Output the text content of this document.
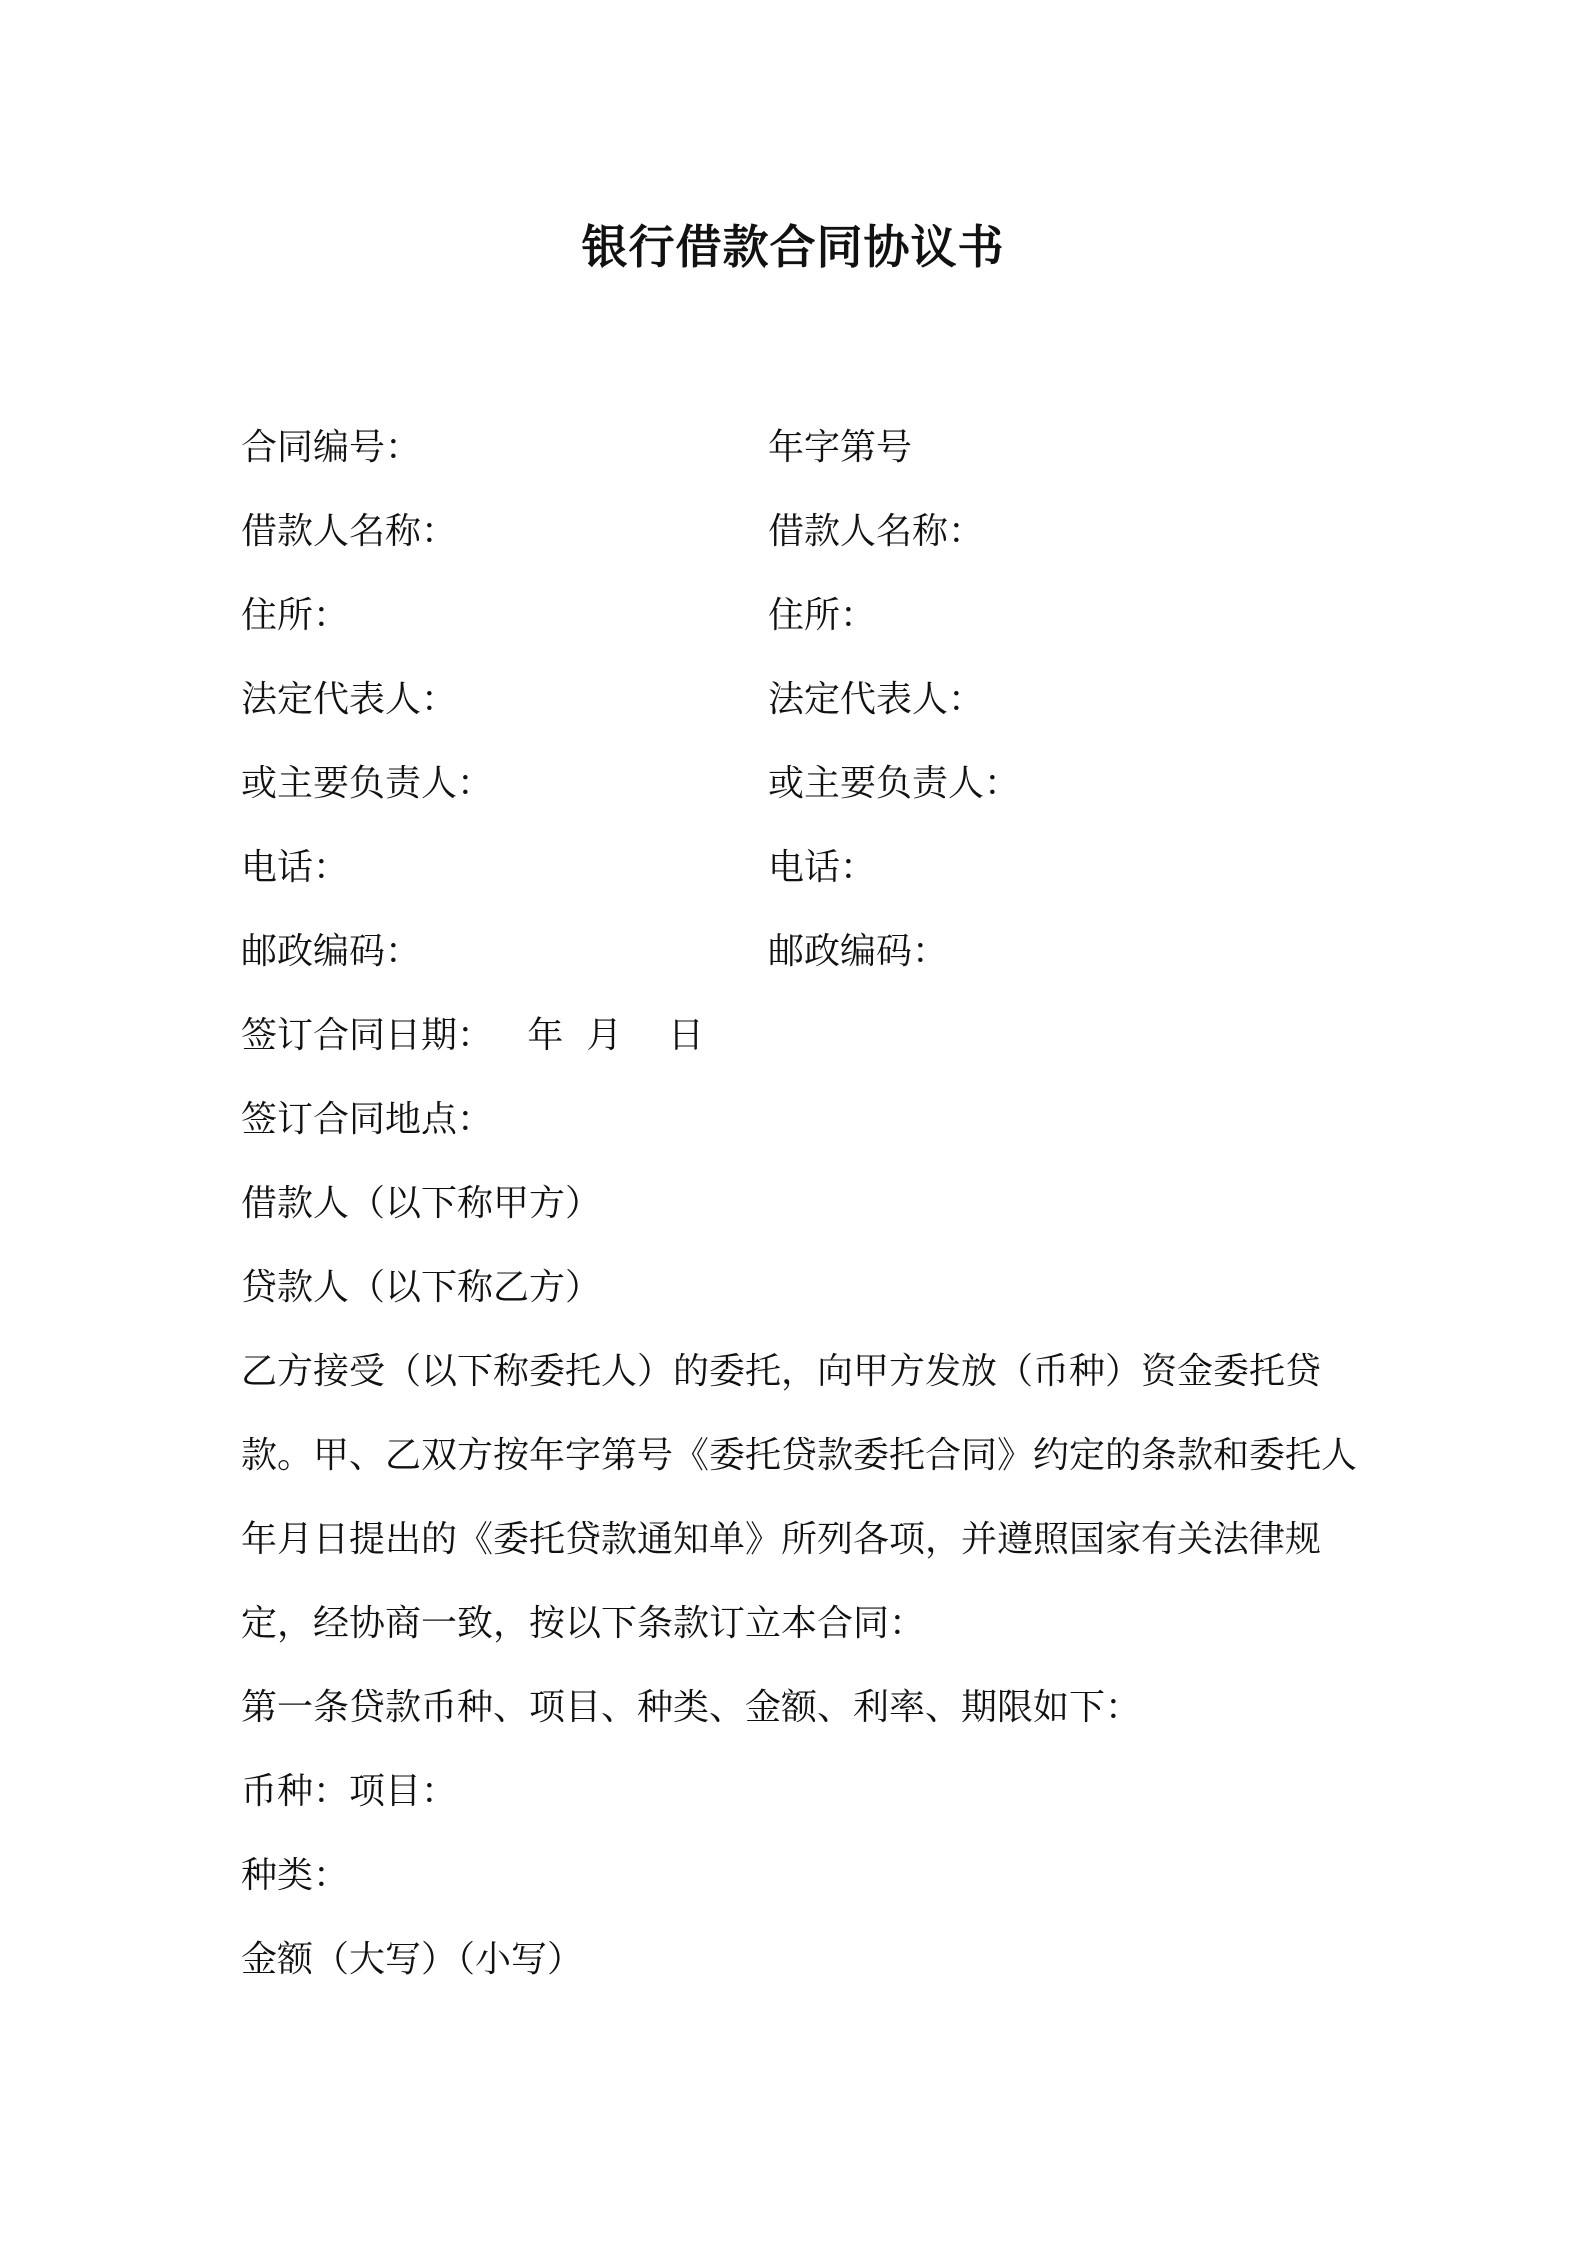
银行借款合同协议书
合同编号：	年字第号
借款人名称：	借款人名称：
住所：	住所：
法定代表人：	法定代表人：
或主要负责人：	或主要负责人：
电话：	电话：
邮政编码：	邮政编码：
签订合同日期：   年  月    日
签订合同地点：
借款人（以下称甲方）
贷款人（以下称乙方）
乙方接受（以下称委托人）的委托，向甲方发放（币种）资金委托贷款。甲、乙双方按年字第号《委托贷款委托合同》约定的条款和委托人年月日提出的《委托贷款通知单》所列各项，并遵照国家有关法律规定，经协商一致，按以下条款订立本合同：
第一条贷款币种、项目、种类、金额、利率、期限如下：
币种：项目：
种类：
金额（大写）（小写）
